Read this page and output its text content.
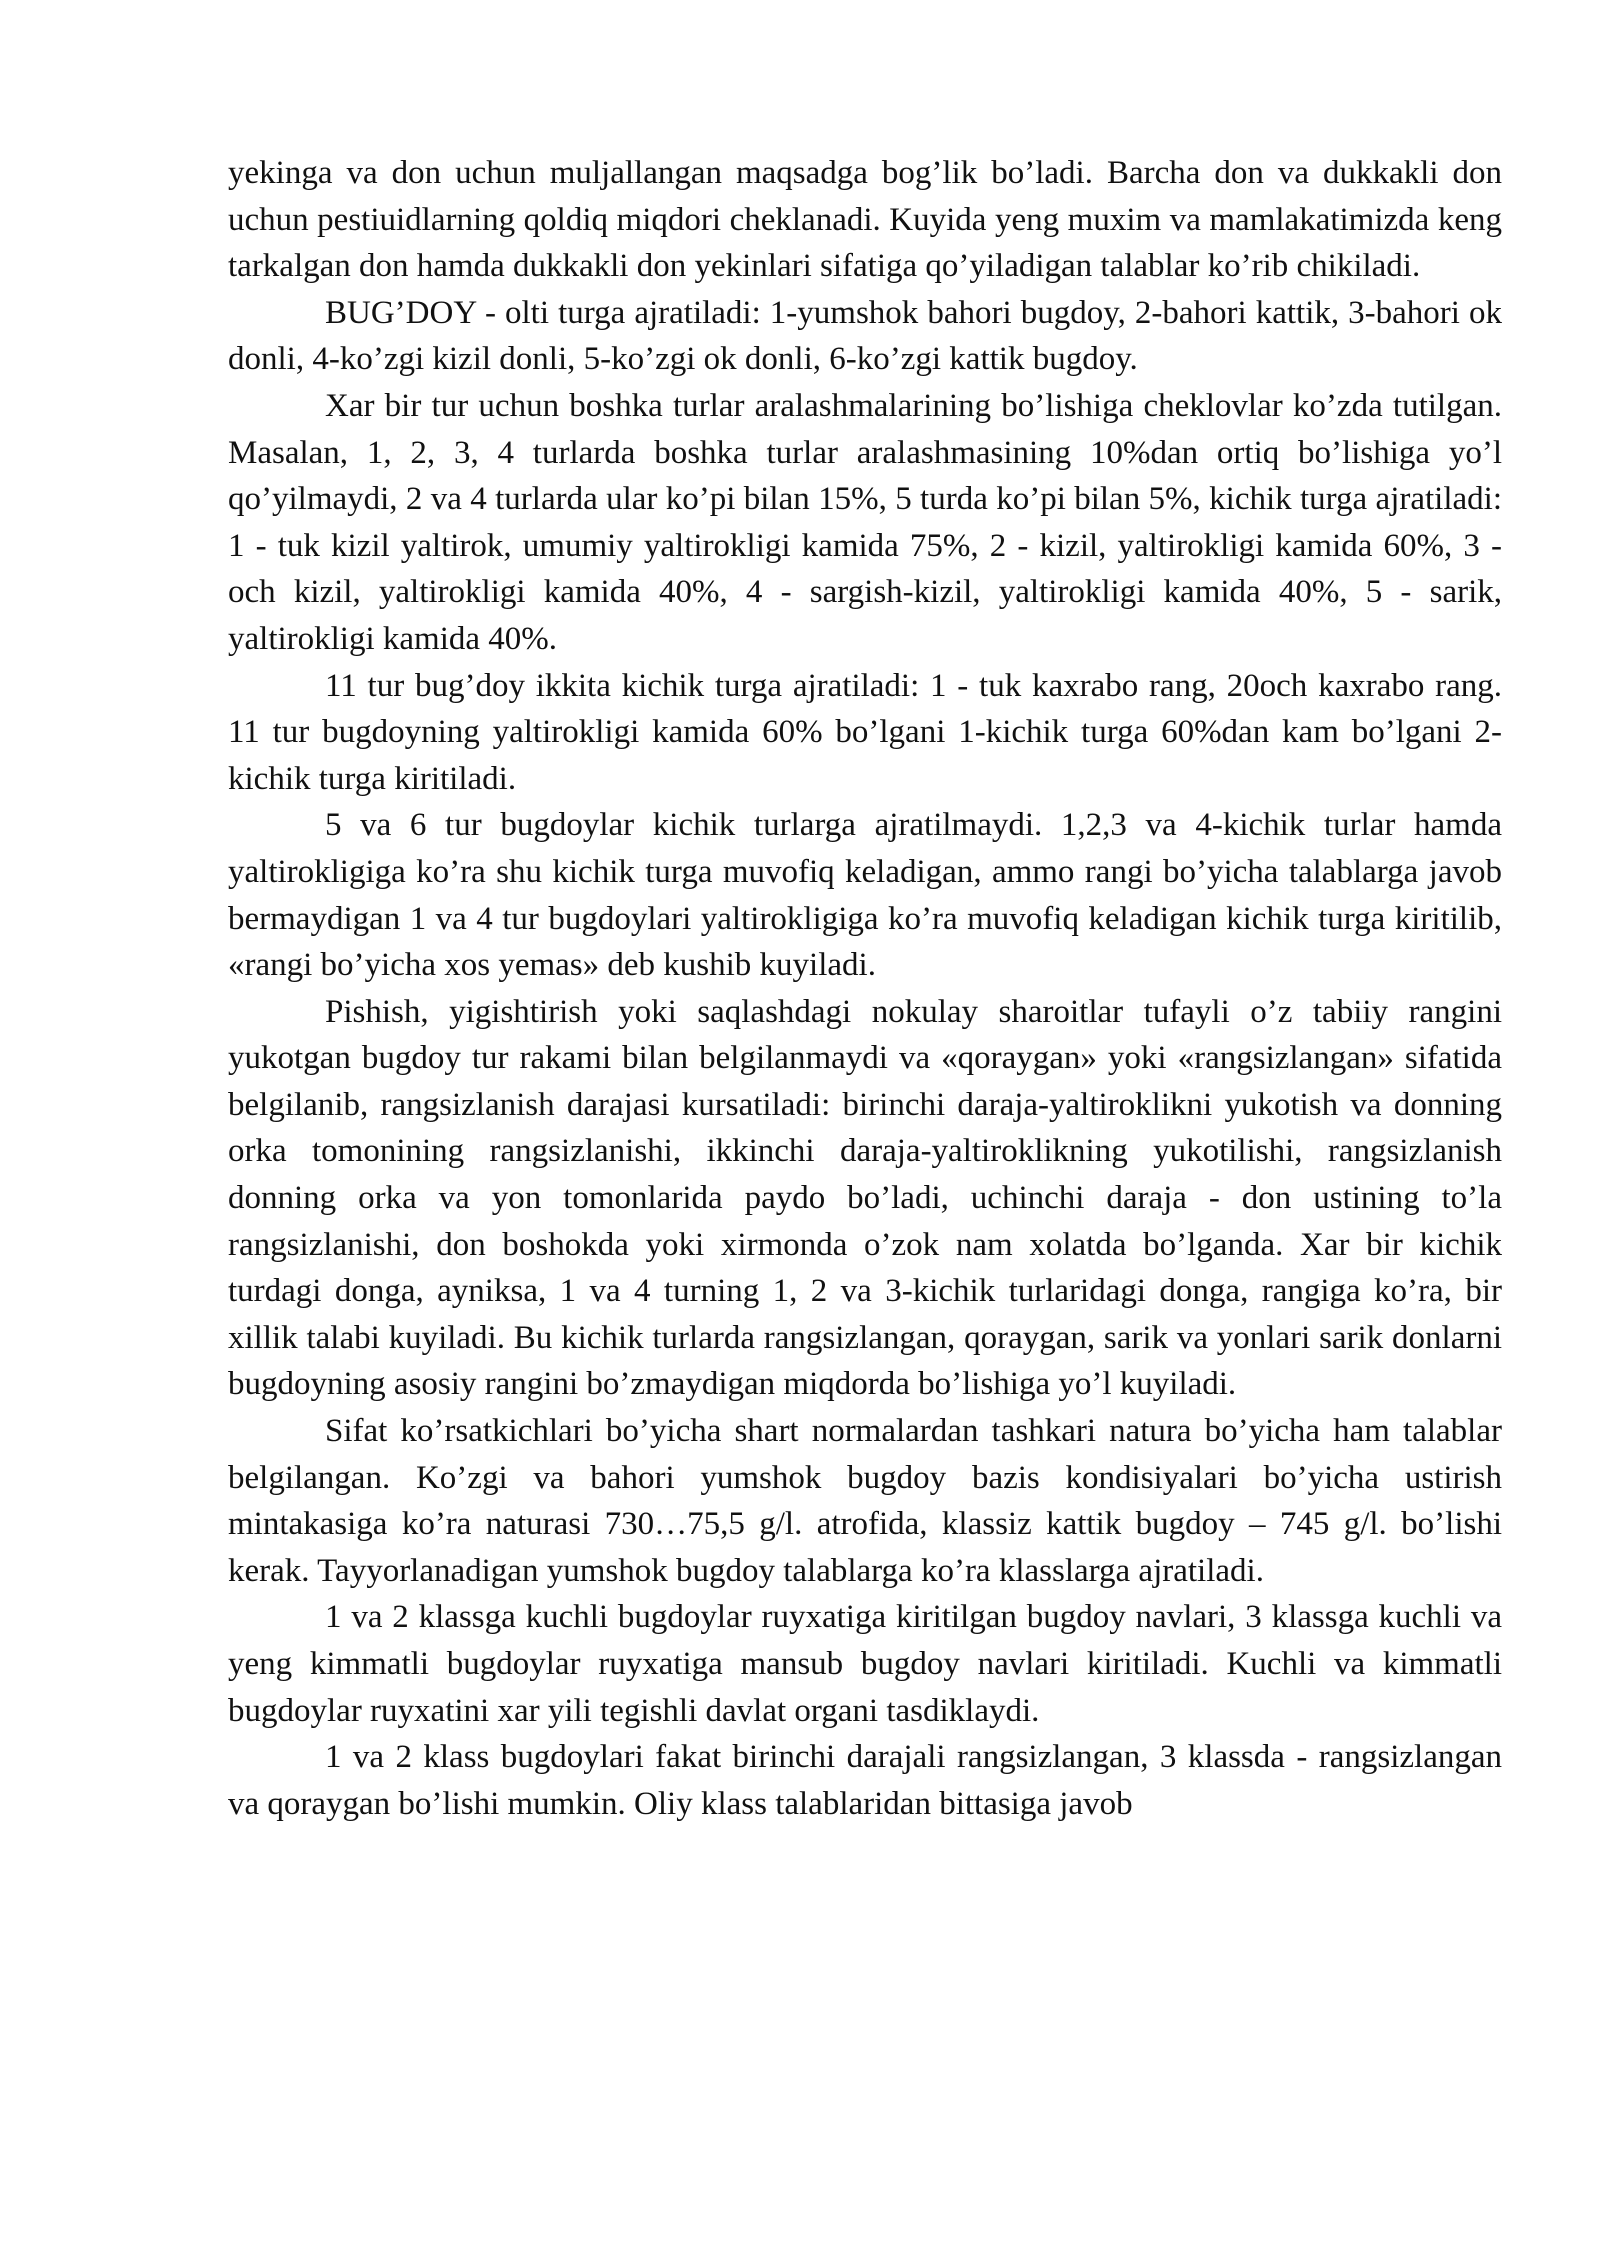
yekinga va don uchun muljallangan maqsadga bog’lik bo’ladi. Barcha don va dukkakli don uchun pestiuidlarning qoldiq miqdori cheklanadi. Kuyida yeng muxim va mamlakatimizda keng tarkalgan don hamda dukkakli don yekinlari sifatiga qo’yiladigan talablar ko’rib chikiladi.

BUG’DOY - olti turga ajratiladi: 1-yumshok bahori bugdoy, 2-bahori kattik, 3-bahori ok donli, 4-ko’zgi kizil donli, 5-ko’zgi ok donli, 6-ko’zgi kattik bugdoy.

Xar bir tur uchun boshka turlar aralashmalarining bo’lishiga cheklovlar ko’zda tutilgan. Masalan, 1, 2, 3, 4 turlarda boshka turlar aralashmasining 10%dan ortiq bo’lishiga yo’l qo’yilmaydi, 2 va 4 turlarda ular ko’pi bilan 15%, 5 turda ko’pi bilan 5%, kichik turga ajratiladi: 1 - tuk kizil yaltirok, umumiy yaltirokligi kamida 75%, 2 - kizil, yaltirokligi kamida 60%, 3 - och kizil, yaltirokligi kamida 40%, 4 - sargish-kizil, yaltirokligi kamida 40%, 5 - sarik, yaltirokligi kamida 40%.

11 tur bug’doy ikkita kichik turga ajratiladi: 1 - tuk kaxrabo rang, 20och kaxrabo rang. 11 tur bugdoyning yaltirokligi kamida 60% bo’lgani 1-kichik turga 60%dan kam bo’lgani 2-kichik turga kiritiladi.

5 va 6 tur bugdoylar kichik turlarga ajratilmaydi. 1,2,3 va 4-kichik turlar hamda yaltirokligiga ko’ra shu kichik turga muvofiq keladigan, ammo rangi bo’yicha talablarga javob bermaydigan 1 va 4 tur bugdoylari yaltirokligiga ko’ra muvofiq keladigan kichik turga kiritilib, «rangi bo’yicha xos yemas» deb kushib kuyiladi.

Pishish, yigishtirish yoki saqlashdagi nokulay sharoitlar tufayli o’z tabiiy rangini yukotgan bugdoy tur rakami bilan belgilanmaydi va «qoraygan» yoki «rangsizlangan» sifatida belgilanib, rangsizlanish darajasi kursatiladi: birinchi daraja-yaltiroklikni yukotish va donning orka tomonining rangsizlanishi, ikkinchi daraja-yaltiroklikning yukotilishi, rangsizlanish donning orka va yon tomonlarida paydo bo’ladi, uchinchi daraja - don ustining to’la rangsizlanishi, don boshokda yoki xirmonda o’zok nam xolatda bo’lganda. Xar bir kichik turdagi donga, ayniksa, 1 va 4 turning 1, 2 va 3-kichik turlaridagi donga, rangiga ko’ra, bir xillik talabi kuyiladi. Bu kichik turlarda rangsizlangan, qoraygan, sarik va yonlari sarik donlarni bugdoyning asosiy rangini bo’zmaydigan miqdorda bo’lishiga yo’l kuyiladi.

Sifat ko’rsatkichlari bo’yicha shart normalardan tashkari natura bo’yicha ham talablar belgilangan. Ko’zgi va bahori yumshok bugdoy bazis kondisiyalari bo’yicha ustirish mintakasiga ko’ra naturasi 730…75,5 g/l. atrofida, klassiz kattik bugdoy – 745 g/l. bo’lishi kerak. Tayyorlanadigan yumshok bugdoy talablarga ko’ra klasslarga ajratiladi.

1 va 2 klassga kuchli bugdoylar ruyxatiga kiritilgan bugdoy navlari, 3 klassga kuchli va yeng kimmatli bugdoylar ruyxatiga mansub bugdoy navlari kiritiladi. Kuchli va kimmatli bugdoylar ruyxatini xar yili tegishli davlat organi tasdiklaydi.

1 va 2 klass bugdoylari fakat birinchi darajali rangsizlangan, 3 klassda - rangsizlangan va qoraygan bo’lishi mumkin. Oliy klass talablaridan bittasiga javob
